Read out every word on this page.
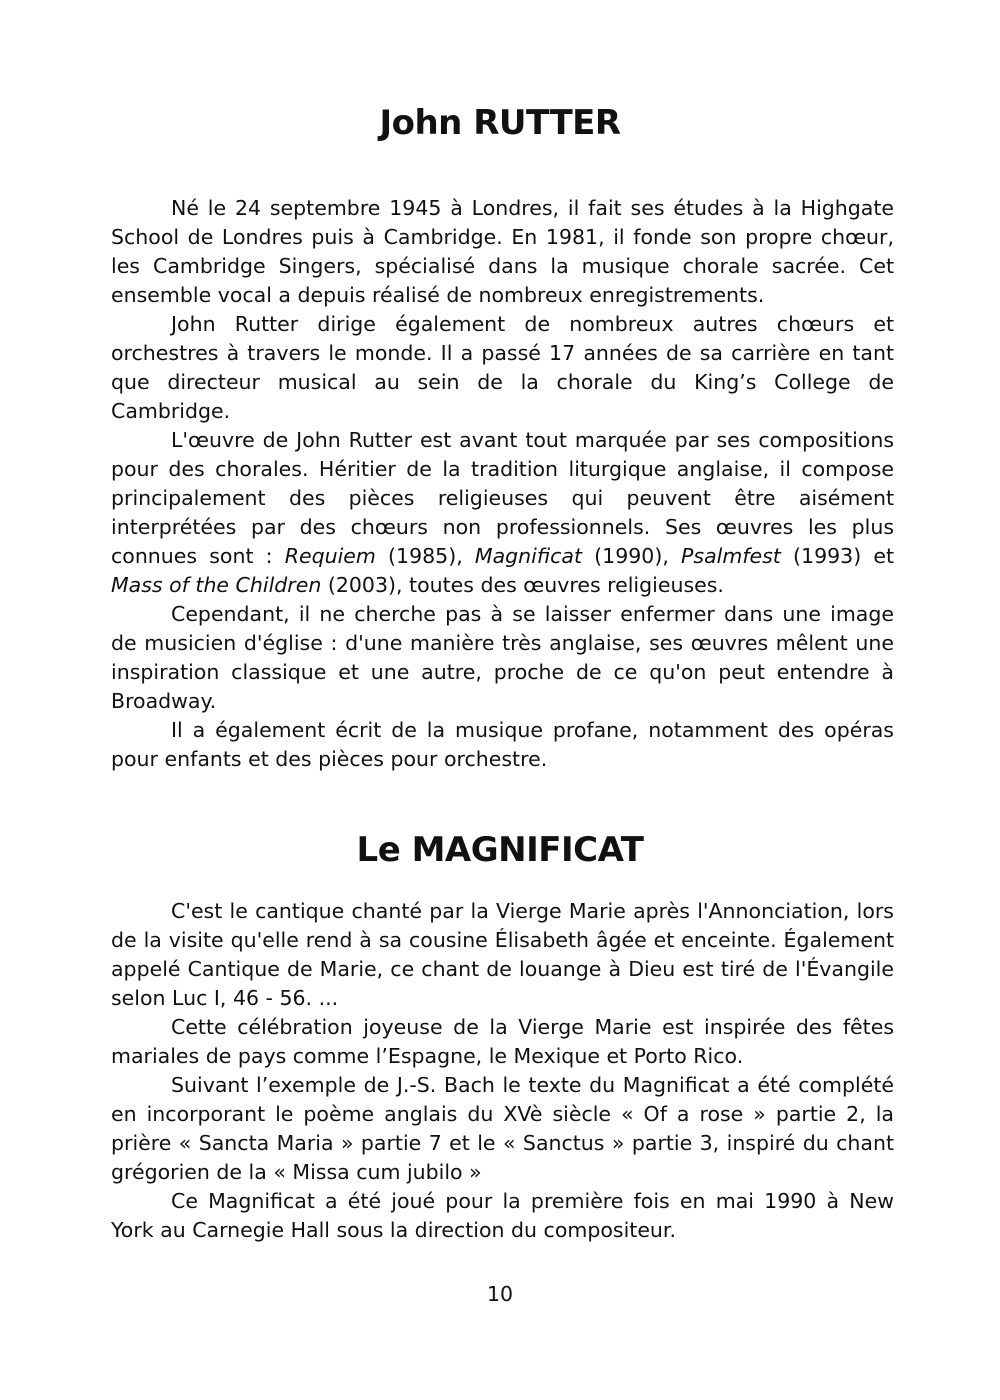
John RUTTER

Né le 24 septembre 1945 à Londres, il fait ses études à la Highgate School de Londres puis à Cambridge. En 1981, il fonde son propre chœur, les Cambridge Singers, spécialisé dans la musique chorale sacrée. Cet ensemble vocal a depuis réalisé de nombreux enregistrements.

John Rutter dirige également de nombreux autres chœurs et orchestres à travers le monde. Il a passé 17 années de sa carrière en tant que directeur musical au sein de la chorale du King’s College de Cambridge.

L'œuvre de John Rutter est avant tout marquée par ses compositions pour des chorales. Héritier de la tradition liturgique anglaise, il compose principalement des pièces religieuses qui peuvent être aisément interprétées par des chœurs non professionnels. Ses œuvres les plus connues sont : Requiem (1985), Magnificat (1990), Psalmfest (1993) et Mass of the Children (2003), toutes des œuvres religieuses.

Cependant, il ne cherche pas à se laisser enfermer dans une image de musicien d'église : d'une manière très anglaise, ses œuvres mêlent une inspiration classique et une autre, proche de ce qu'on peut entendre à Broadway.

Il a également écrit de la musique profane, notamment des opéras pour enfants et des pièces pour orchestre.

Le MAGNIFICAT

C'est le cantique chanté par la Vierge Marie après l'Annonciation, lors de la visite qu'elle rend à sa cousine Élisabeth âgée et enceinte. Également appelé Cantique de Marie, ce chant de louange à Dieu est tiré de l'Évangile selon Luc I, 46 - 56. ...

Cette célébration joyeuse de la Vierge Marie est inspirée des fêtes mariales de pays comme l’Espagne, le Mexique et Porto Rico.

Suivant l’exemple de J.-S. Bach le texte du Magnificat a été complété en incorporant le poème anglais du XVè siècle « Of a rose » partie 2, la prière « Sancta Maria » partie 7 et le « Sanctus » partie 3, inspiré du chant grégorien de la « Missa cum jubilo »

Ce Magnificat a été joué pour la première fois en mai 1990 à New York au Carnegie Hall sous la direction du compositeur.

10
